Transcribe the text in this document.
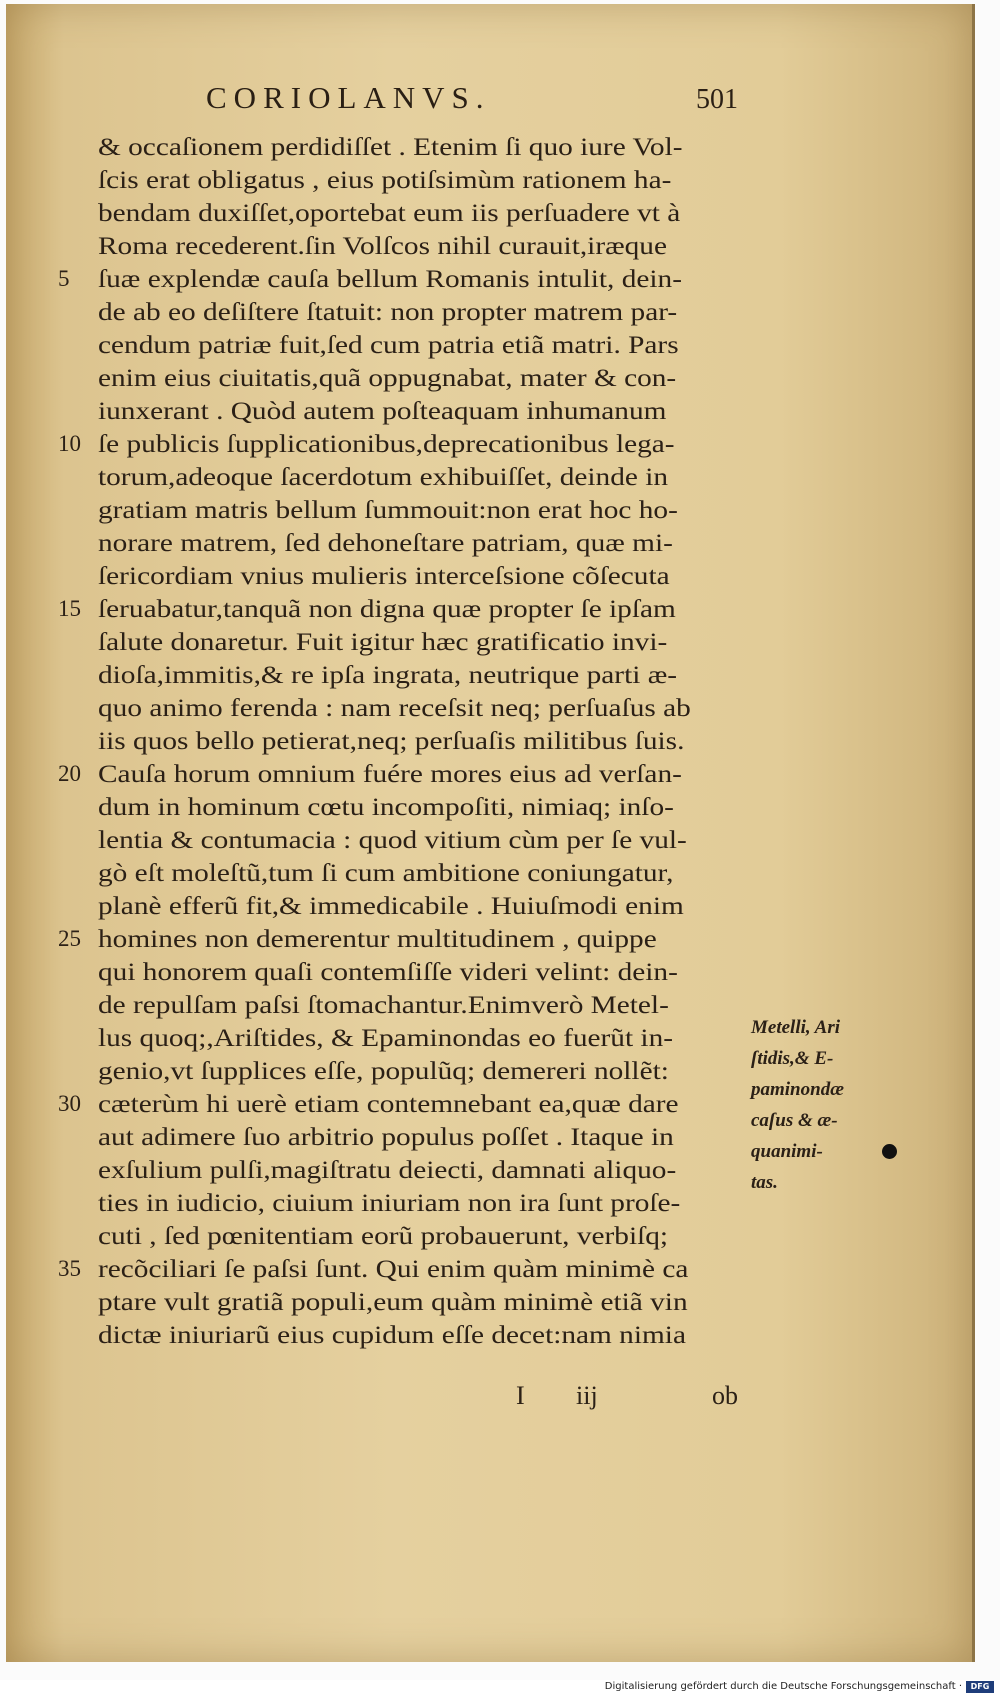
CORIOLANVS.	501
& occaſionem perdidiſſet . Etenim ſi quo iure Vol-
ſcis erat obligatus , eius potiſsimùm rationem ha-
bendam duxiſſet,oportebat eum iis perſuadere vt à
Roma recederent.ſin Volſcos nihil curauit,iræque
5	ſuæ explendæ cauſa bellum Romanis intulit, dein-
de ab eo deſiſtere ſtatuit: non propter matrem par-
cendum patriæ fuit,ſed cum patria etiã matri. Pars
enim eius ciuitatis,quã oppugnabat, mater & con-
iunxerant . Quòd autem poſteaquam inhumanum
10 ſe publicis ſupplicationibus,deprecationibus lega-
torum,adeoque ſacerdotum exhibuiſſet, deinde in
gratiam matris bellum ſummouit:non erat hoc ho-
norare matrem, ſed dehoneſtare patriam, quæ mi-
ſericordiam vnius mulieris interceſsione cõſecuta
15 ſeruabatur,tanquã non digna quæ propter ſe ipſam
ſalute donaretur. Fuit igitur hæc gratificatio invi-
dioſa,immitis,& re ipſa ingrata, neutrique parti æ-
quo animo ferenda : nam receſsit neq; perſuaſus ab
iis quos bello petierat,neq; perſuaſis militibus ſuis.
20 Cauſa horum omnium fuére mores eius ad verſan-
dum in hominum cœtu incompoſiti, nimiaq; inſo-
lentia & contumacia : quod vitium cùm per ſe vul-
gò eſt moleſtũ,tum ſi cum ambitione coniungatur,
planè efferũ fit,& immedicabile . Huiuſmodi enim
25 homines non demerentur multitudinem , quippe
qui honorem quaſi contemſiſſe videri velint: dein-
de repulſam paſsi ſtomachantur.Enimverò Metel-
lus quoq;,Ariſtides, & Epaminondas eo fuerũt in-
genio,vt ſupplices eſſe, populũq; demereri nollẽt:
30 cæterùm hi uerè etiam contemnebant ea,quæ dare
aut adimere ſuo arbitrio populus poſſet . Itaque in
exſulium pulſi,magiſtratu deiecti, damnati aliquo-
ties in iudicio, ciuium iniuriam non ira ſunt proſe-
cuti , ſed pœnitentiam eorũ probauerunt, verbiſq;
35 recõciliari ſe paſsi ſunt. Qui enim quàm minimè ca
ptare vult gratiã populi,eum quàm minimè etiã vin
dictæ iniuriarũ eius cupidum eſſe decet:nam nimia
I iij	ob
Metelli, Ari
ſtidis,& E-
paminondæ
caſus & æ-
quanimi-
tas.
Digitalisierung gefördert durch die Deutsche Forschungsgemeinschaft ·	DFG
